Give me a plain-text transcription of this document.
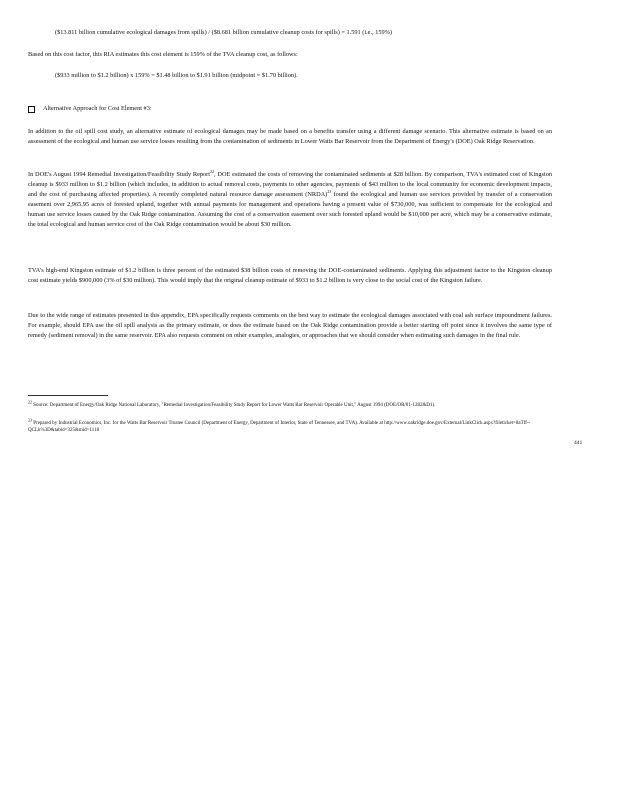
($13.811 billion cumulative ecological damages from spills) / ($8.681 billion cumulative cleanup costs for spills) = 1.591 (i.e., 159%)

Based on this cost factor, this RIA estimates this cost element is 159% of the TVA cleanup cost, as follows:

($933 million to $1.2 billion) x 159% = $1.48 billion to $1.91 billion (midpoint = $1.70 billion).

Alternative Approach for Cost Element #3:

In addition to the oil spill cost study, an alternative estimate of ecological damages may be made based on a benefits transfer using a different damage scenario. This alternative estimate is based on an assessment of the ecological and human use service losses resulting from the contamination of sediments in Lower Watts Bar Reservoir from the Department of Energy's (DOE) Oak Ridge Reservation.

In DOE's August 1994 Remedial Investigation/Feasibility Study Report$^{22}$, DOE estimated the costs of removing the contaminated sediments at $28 billion. By comparison, TVA's estimated cost of Kingston cleanup is $933 million to $1.2 billion (which includes, in addition to actual removal costs, payments to other agencies, payments of $43 million to the local community for economic development impacts, and the cost of purchasing affected properties). A recently completed natural resource damage assessment (NRDA)$^{23}$ found the ecological and human use services provided by transfer of a conservation easement over 2,965.95 acres of forested upland, together with annual payments for management and operations having a present value of $730,000, was sufficient to compensate for the ecological and human use service losses caused by the Oak Ridge contamination. Assuming the cost of a conservation easement over such forested upland would be $10,000 per acre, which may be a conservative estimate, the total ecological and human service cost of the Oak Ridge contamination would be about $30 million.

TVA's high-end Kingston estimate of $1.2 billion is three percent of the estimated $38 billion costs of removing the DOE-contaminated sediments. Applying this adjustment factor to the Kingston cleanup cost estimate yields $900,000 (3% of $30 million). This would imply that the original cleanup estimate of $933 to $1.2 billion is very close to the social cost of the Kingston failure.

Due to the wide range of estimates presented in this appendix, EPA specifically requests comments on the best way to estimate the ecological damages associated with coal ash surface impoundment failures. For example, should EPA use the oil spill analysis as the primary estimate, or does the estimate based on the Oak Ridge contamination provide a better starting off point since it involves the same type of remedy (sediment removal) in the same reservoir. EPA also requests comment on other examples, analogies, or approaches that we should consider when estimating such damages in the final rule.

$^{22}$ Source: Department of Energy/Oak Ridge National Laboratory, "Remedial Investigation/Feasibility Study Report for Lower Watts Bar Reservoir Operable Unit," August 1994 (DOE/OR/01-1282&D1).

$^{23}$ Prepared by Industrial Economics, Inc. for the Watts Bar Reservoir Trustee Council (Department of Energy, Department of Interior, State of Tennessee, and TVA). Available at http://www.oakridge.doe.gov/External/LinkClick.aspx?fileticket=8aTff--QCLk%3D&tabid=325&mid=1118

441
